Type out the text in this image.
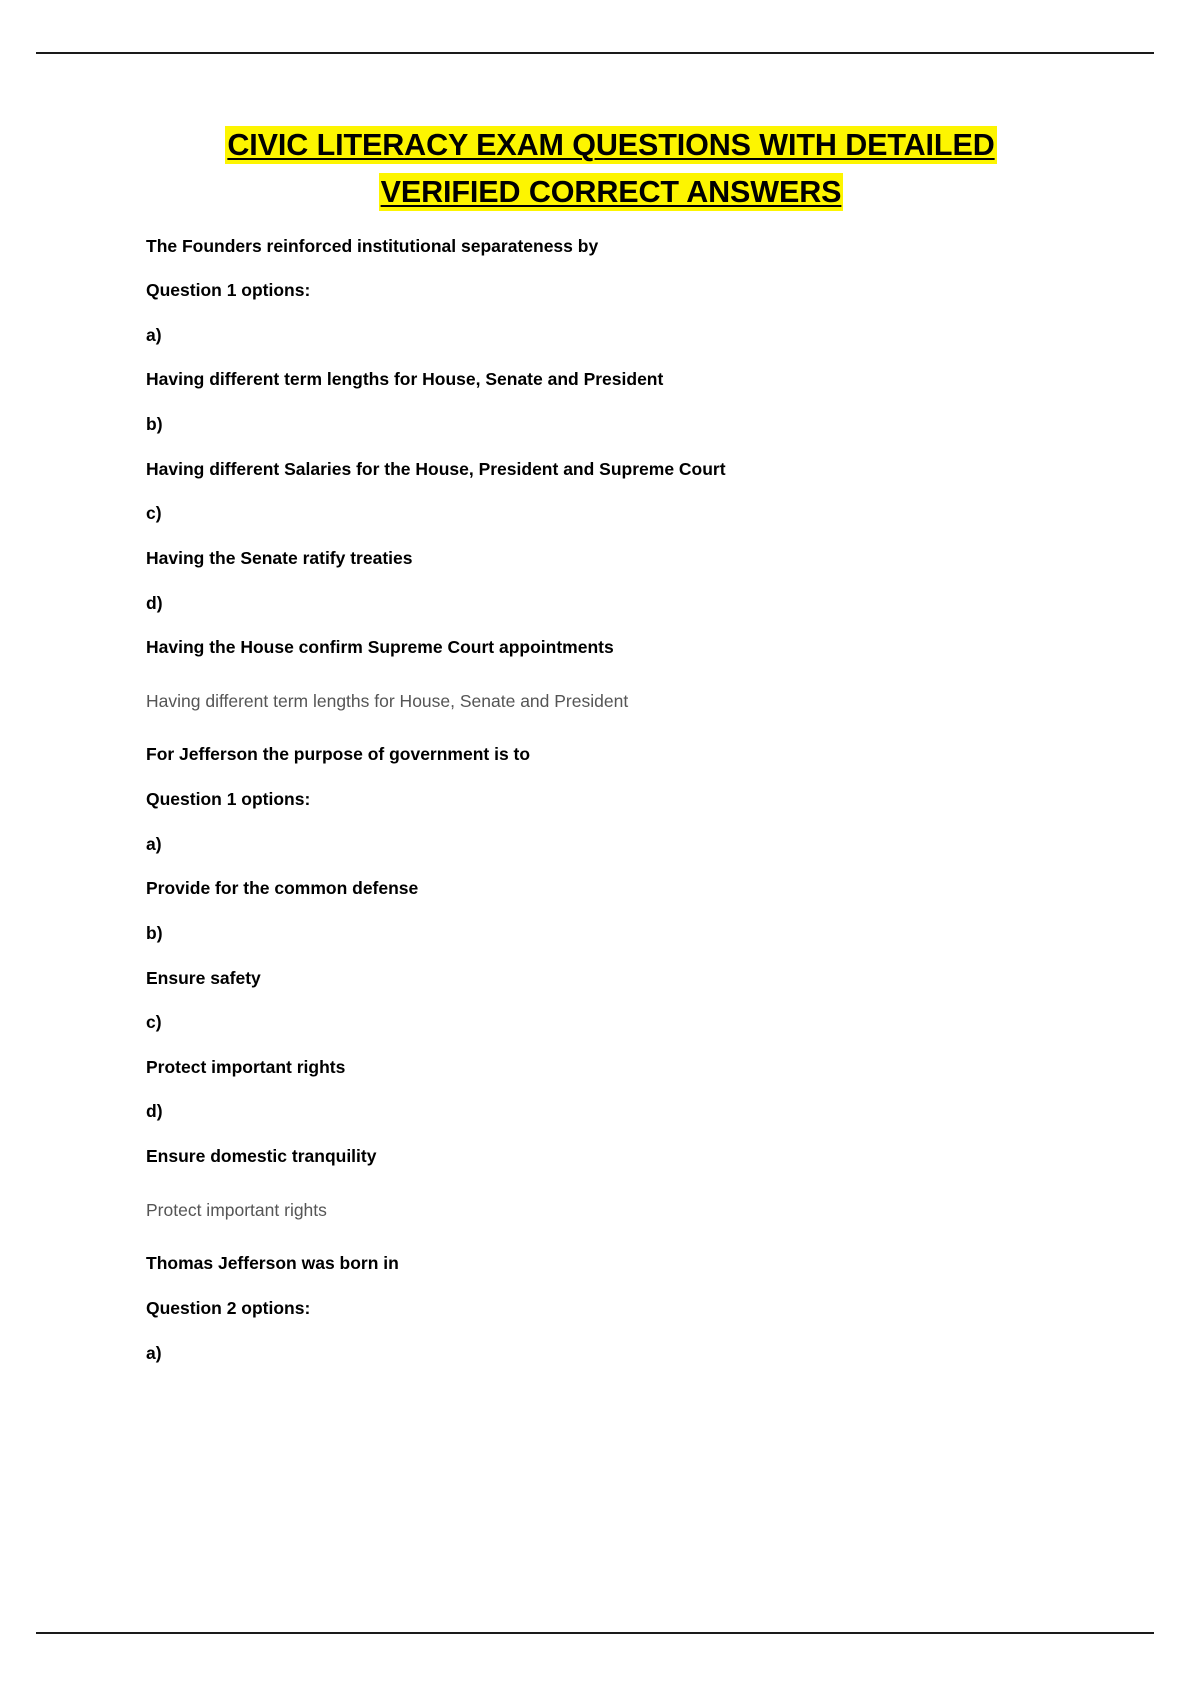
CIVIC LITERACY EXAM QUESTIONS WITH DETAILED
VERIFIED CORRECT ANSWERS

The Founders reinforced institutional separateness by

Question 1 options:

a)

Having different term lengths for House, Senate and President

b)

Having different Salaries for the House, President and Supreme Court

c)

Having the Senate ratify treaties

d)

Having the House confirm Supreme Court appointments

Having different term lengths for House, Senate and President

For Jefferson the purpose of government is to

Question 1 options:

a)

Provide for the common defense

b)

Ensure safety

c)

Protect important rights

d)

Ensure domestic tranquility

Protect important rights

Thomas Jefferson was born in

Question 2 options:

a)
